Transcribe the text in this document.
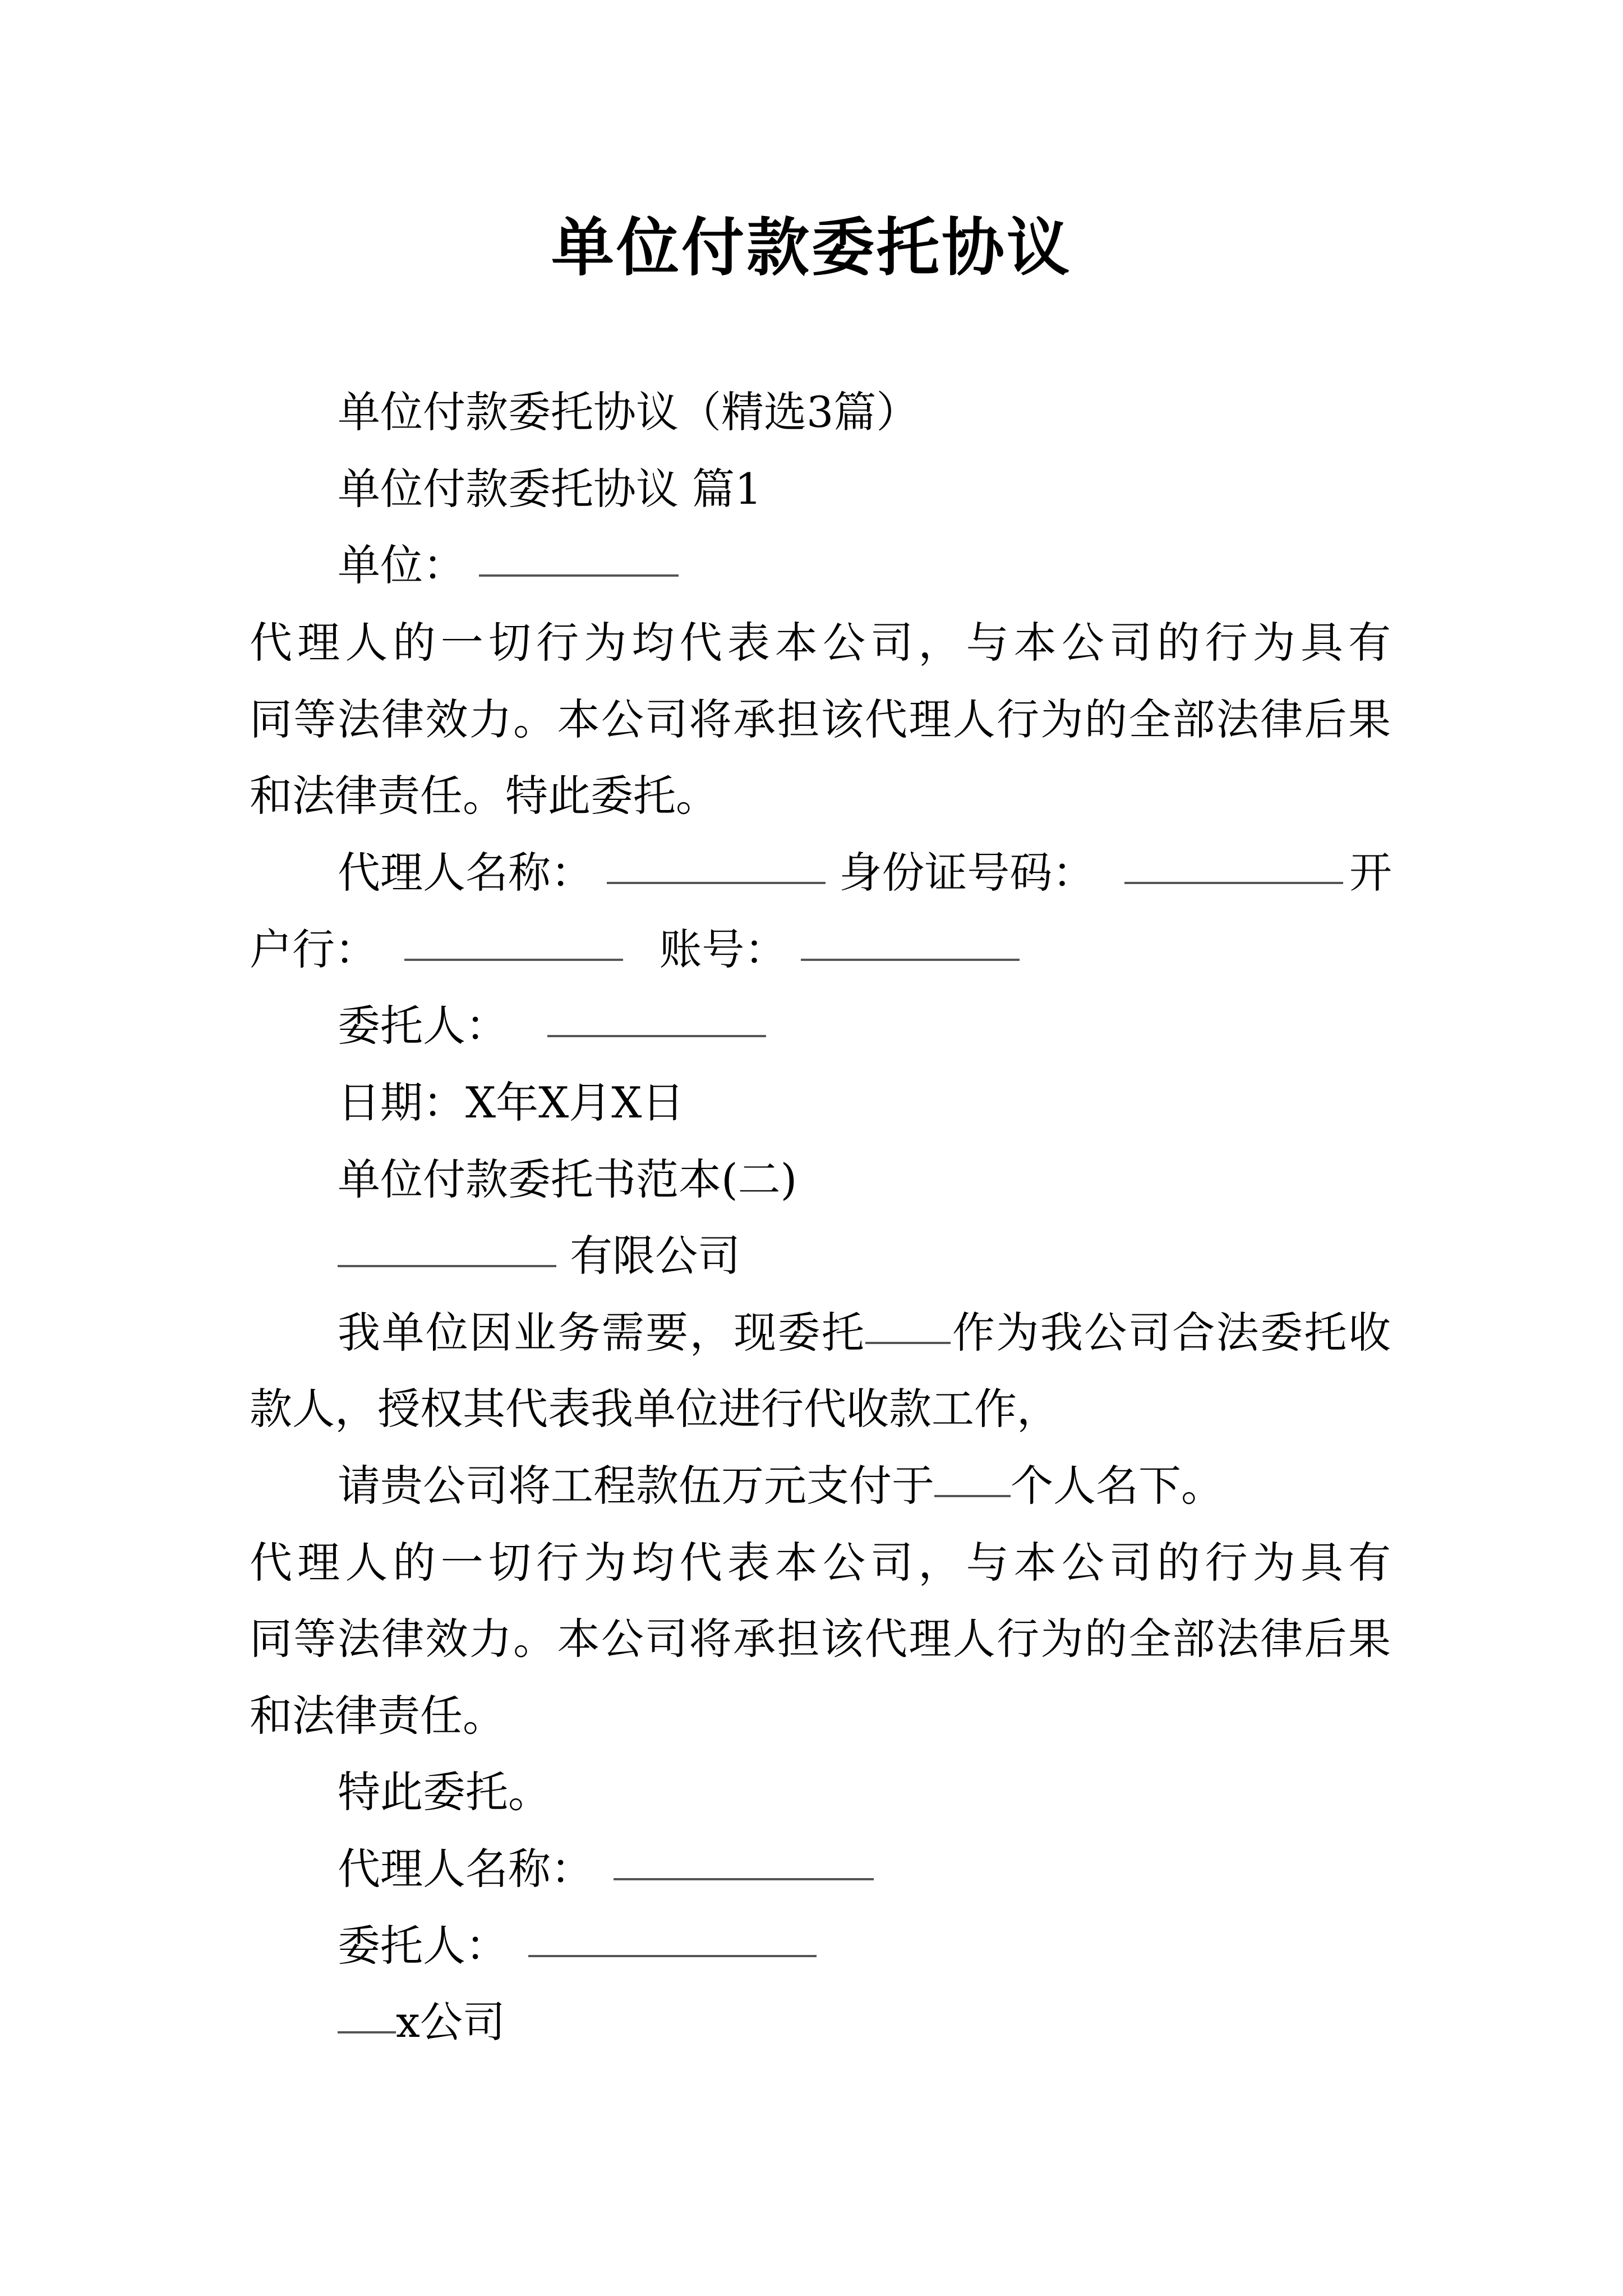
单位付款委托协议
单位付款委托协议（精选3篇）
单位付款委托协议 篇1
单位：
代理人的一切行为均代表本公司，与本公司的行为具有
同等法律效力。本公司将承担该代理人行为的全部法律后果
和法律责任。特此委托。
代理人名称：	身份证号码：	开
户行：	账号：
委托人：
日期：X年X月X日
单位付款委托书范本(二)
有限公司
我单位因业务需要，现委托 作为我公司合法委托收
款人，授权其代表我单位进行代收款工作，
请贵公司将工程款伍万元支付于 个人名下。
代理人的一切行为均代表本公司，与本公司的行为具有
同等法律效力。本公司将承担该代理人行为的全部法律后果
和法律责任。
特此委托。
代理人名称：
委托人：
x公司
